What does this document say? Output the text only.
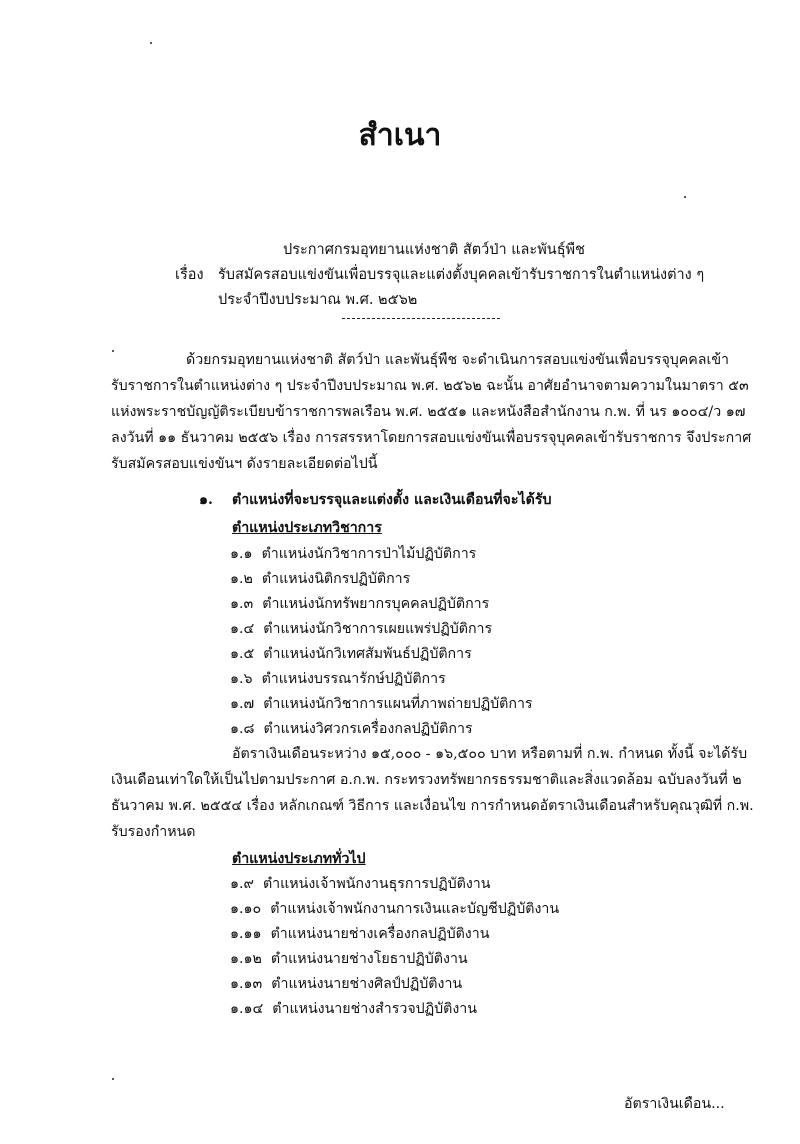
สำเนา
ประกาศกรมอุทยานแห่งชาติ สัตว์ป่า และพันธุ์พืช
เรื่อง รับสมัครสอบแข่งขันเพื่อบรรจุและแต่งตั้งบุคคลเข้ารับราชการในตำแหน่งต่าง ๆ
ประจำปีงบประมาณ พ.ศ. ๒๕๖๒
ด้วยกรมอุทยานแห่งชาติ สัตว์ป่า และพันธุ์พืช จะดำเนินการสอบแข่งขันเพื่อบรรจุบุคคลเข้า
รับราชการในตำแหน่งต่าง ๆ ประจำปีงบประมาณ พ.ศ. ๒๕๖๒ ฉะนั้น อาศัยอำนาจตามความในมาตรา ๕๓
แห่งพระราชบัญญัติระเบียบข้าราชการพลเรือน พ.ศ. ๒๕๕๑ และหนังสือสำนักงาน ก.พ. ที่ นร ๑๐๐๔/ว ๑๗
ลงวันที่ ๑๑ ธันวาคม ๒๕๕๖ เรื่อง การสรรหาโดยการสอบแข่งขันเพื่อบรรจุบุคคลเข้ารับราชการ จึงประกาศ
รับสมัครสอบแข่งขันฯ ดังรายละเอียดต่อไปนี้
๑. ตำแหน่งที่จะบรรจุและแต่งตั้ง และเงินเดือนที่จะได้รับ
ตำแหน่งประเภทวิชาการ
๑.๑ ตำแหน่งนักวิชาการป่าไม้ปฏิบัติการ
๑.๒ ตำแหน่งนิติกรปฏิบัติการ
๑.๓ ตำแหน่งนักทรัพยากรบุคคลปฏิบัติการ
๑.๔ ตำแหน่งนักวิชาการเผยแพร่ปฏิบัติการ
๑.๕ ตำแหน่งนักวิเทศสัมพันธ์ปฏิบัติการ
๑.๖ ตำแหน่งบรรณารักษ์ปฏิบัติการ
๑.๗ ตำแหน่งนักวิชาการแผนที่ภาพถ่ายปฏิบัติการ
๑.๘ ตำแหน่งวิศวกรเครื่องกลปฏิบัติการ
อัตราเงินเดือนระหว่าง ๑๕,๐๐๐ - ๑๖,๕๐๐ บาท หรือตามที่ ก.พ. กำหนด ทั้งนี้ จะได้รับ
เงินเดือนเท่าใดให้เป็นไปตามประกาศ อ.ก.พ. กระทรวงทรัพยากรธรรมชาติและสิ่งแวดล้อม ฉบับลงวันที่ ๒
ธันวาคม พ.ศ. ๒๕๕๔ เรื่อง หลักเกณฑ์ วิธีการ และเงื่อนไข การกำหนดอัตราเงินเดือนสำหรับคุณวุฒิที่ ก.พ.
รับรองกำหนด
ตำแหน่งประเภททั่วไป
๑.๙ ตำแหน่งเจ้าพนักงานธุรการปฏิบัติงาน
๑.๑๐ ตำแหน่งเจ้าพนักงานการเงินและบัญชีปฏิบัติงาน
๑.๑๑ ตำแหน่งนายช่างเครื่องกลปฏิบัติงาน
๑.๑๒ ตำแหน่งนายช่างโยธาปฏิบัติงาน
๑.๑๓ ตำแหน่งนายช่างศิลป์ปฏิบัติงาน
๑.๑๔ ตำแหน่งนายช่างสำรวจปฏิบัติงาน
อัตราเงินเดือน...
